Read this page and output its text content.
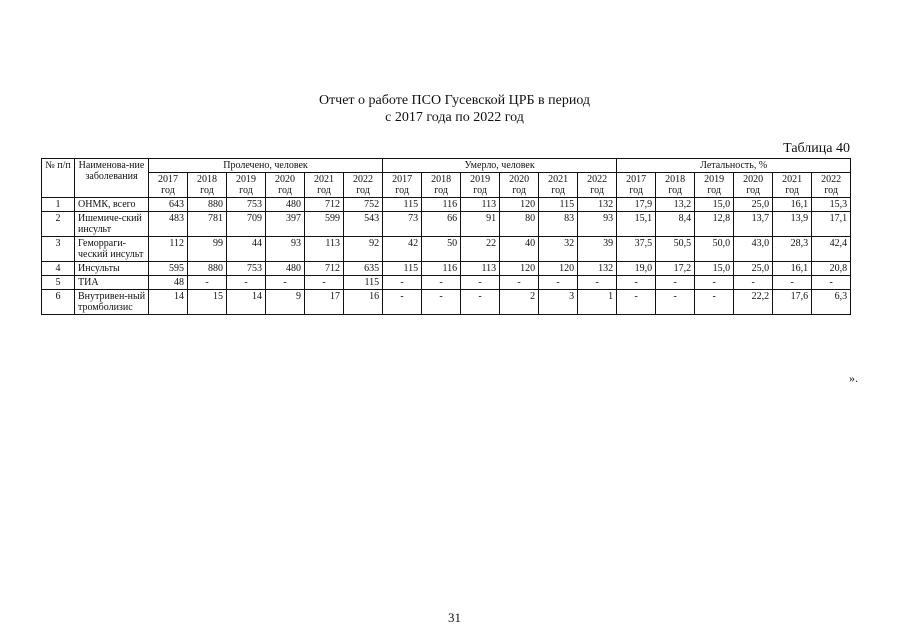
Отчет о работе ПСО Гусевской ЦРБ в период
с 2017 года по 2022 год
Таблица 40
№ п/п	Наименова-ние заболевания	Пролечено, человек						Умерло, человек						Летальность, %					
		2017 год	2018 год	2019 год	2020 год	2021 год	2022 год	2017 год	2018 год	2019 год	2020 год	2021 год	2022 год	2017 год	2018 год	2019 год	2020 год	2021 год	2022 год
1	ОНМК, всего	643	880	753	480	712	752	115	116	113	120	115	132	17,9	13,2	15,0	25,0	16,1	15,3
2	Ишемиче-ский инсульт	483	781	709	397	599	543	73	66	91	80	83	93	15,1	8,4	12,8	13,7	13,9	17,1
3	Геморраги-ческий инсульт	112	99	44	93	113	92	42	50	22	40	32	39	37,5	50,5	50,0	43,0	28,3	42,4
4	Инсульты	595	880	753	480	712	635	115	116	113	120	120	132	19,0	17,2	15,0	25,0	16,1	20,8
5	ТИА	48	-	-	-	-	115	-	-	-	-	-	-	-	-	-	-	-	-
6	Внутривен-ный тромболизис	14	15	14	9	17	16	-	-	-	2	3	1	-	-	-	22,2	17,6	6,3
».
31
